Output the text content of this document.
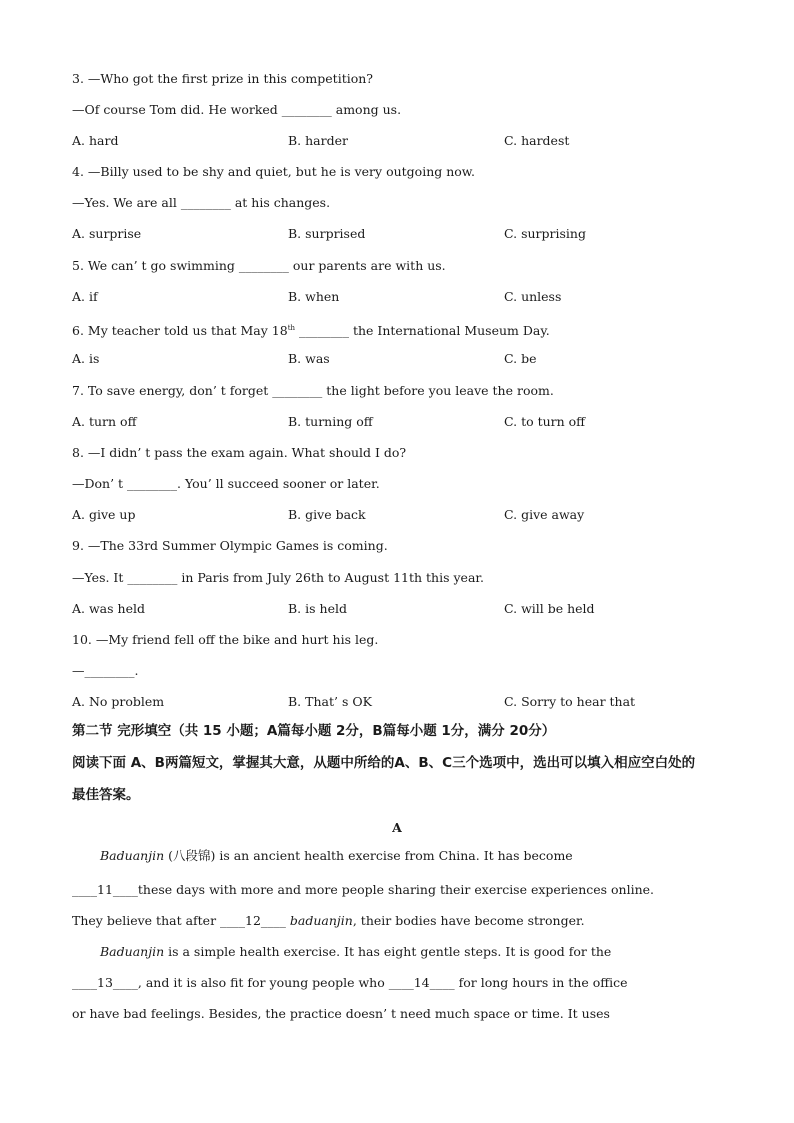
3. —Who got the first prize in this competition?
—Of course Tom did. He worked ________ among us.
A. hard	B. harder	C. hardest
4. —Billy used to be shy and quiet, but he is very outgoing now.
—Yes. We are all ________ at his changes.
A. surprise	B. surprised	C. surprising
5. We can’ t go swimming ________ our parents are with us.
A. if	B. when	C. unless
6. My teacher told us that May 18th ________ the International Museum Day.
A. is	B. was	C. be
7. To save energy, don’ t forget ________ the light before you leave the room.
A. turn off	B. turning off	C. to turn off
8. —I didn’ t pass the exam again. What should I do?
—Don’ t ________. You’ ll succeed sooner or later.
A. give up	B. give back	C. give away
9. —The 33rd Summer Olympic Games is coming.
—Yes. It ________ in Paris from July 26th to August 11th this year.
A. was held	B. is held	C. will be held
10. —My friend fell off the bike and hurt his leg.
—________.
A. No problem	B. That’ s OK	C. Sorry to hear that
第二节 完形填空（共 15 小题；A篇每小题 2分，B篇每小题 1分，满分 20分）
阅读下面 A、B两篇短文，掌握其大意，从题中所给的A、B、C三个选项中，选出可以填入相应空白处的
最佳答案。
A
Baduanjin (八段锦) is an ancient health exercise from China. It has become
____11____these days with more and more people sharing their exercise experiences online.
They believe that after ____12____ baduanjin, their bodies have become stronger.
Baduanjin is a simple health exercise. It has eight gentle steps. It is good for the
____13____, and it is also fit for young people who ____14____ for long hours in the office
or have bad feelings. Besides, the practice doesn’ t need much space or time. It uses
